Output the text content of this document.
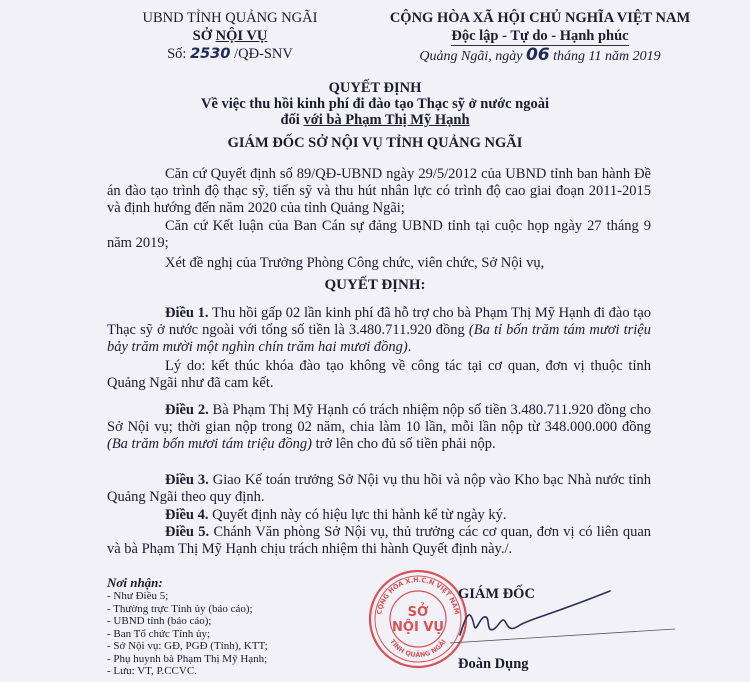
UBND TỈNH QUẢNG NGÃI
SỞ NỘI VỤ
Số: 2530 /QĐ-SNV
CỘNG HÒA XÃ HỘI CHỦ NGHĨA VIỆT NAM
Độc lập - Tự do - Hạnh phúc
Quảng Ngãi, ngày 06 tháng 11 năm 2019
QUYẾT ĐỊNH
Về việc thu hồi kinh phí đi đào tạo Thạc sỹ ở nước ngoài
đối với bà Phạm Thị Mỹ Hạnh
GIÁM ĐỐC SỞ NỘI VỤ TỈNH QUẢNG NGÃI
Căn cứ Quyết định số 89/QĐ-UBND ngày 29/5/2012 của UBND tỉnh ban hành Đề án đào tạo trình độ thạc sỹ, tiến sỹ và thu hút nhân lực có trình độ cao giai đoạn 2011-2015 và định hướng đến năm 2020 của tỉnh Quảng Ngãi;
Căn cứ Kết luận của Ban Cán sự đảng UBND tỉnh tại cuộc họp ngày 27 tháng 9 năm 2019;
Xét đề nghị của Trưởng Phòng Công chức, viên chức, Sở Nội vụ,
QUYẾT ĐỊNH:
Điều 1. Thu hồi gấp 02 lần kinh phí đã hỗ trợ cho bà Phạm Thị Mỹ Hạnh đi đào tạo Thạc sỹ ở nước ngoài với tổng số tiền là 3.480.711.920 đồng (Ba tỉ bốn trăm tám mươi triệu bảy trăm mười một nghìn chín trăm hai mươi đồng).
Lý do: kết thúc khóa đào tạo không về công tác tại cơ quan, đơn vị thuộc tỉnh Quảng Ngãi như đã cam kết.
Điều 2. Bà Phạm Thị Mỹ Hạnh có trách nhiệm nộp số tiền 3.480.711.920 đồng cho Sở Nội vụ; thời gian nộp trong 02 năm, chia làm 10 lần, mỗi lần nộp từ 348.000.000 đồng (Ba trăm bốn mươi tám triệu đồng) trở lên cho đủ số tiền phải nộp.
Điều 3. Giao Kế toán trưởng Sở Nội vụ thu hồi và nộp vào Kho bạc Nhà nước tỉnh Quảng Ngãi theo quy định.
Điều 4. Quyết định này có hiệu lực thi hành kể từ ngày ký.
Điều 5. Chánh Văn phòng Sở Nội vụ, thủ trưởng các cơ quan, đơn vị có liên quan và bà Phạm Thị Mỹ Hạnh chịu trách nhiệm thi hành Quyết định này./.
Nơi nhận:
- Như Điều 5;
- Thường trực Tỉnh ủy (báo cáo);
- UBND tỉnh (báo cáo);
- Ban Tổ chức Tỉnh ủy;
- Sở Nội vụ: GĐ, PGĐ (Tính), KTT;
- Phụ huynh bà Phạm Thị Mỹ Hạnh;
- Lưu: VT, P.CCVC.
CỘNG HÒA X.H.C.N VIỆT NAM
TỈNH QUẢNG NGÃI
SỞ
NỘI VỤ
GIÁM ĐỐC
Đoàn Dụng
